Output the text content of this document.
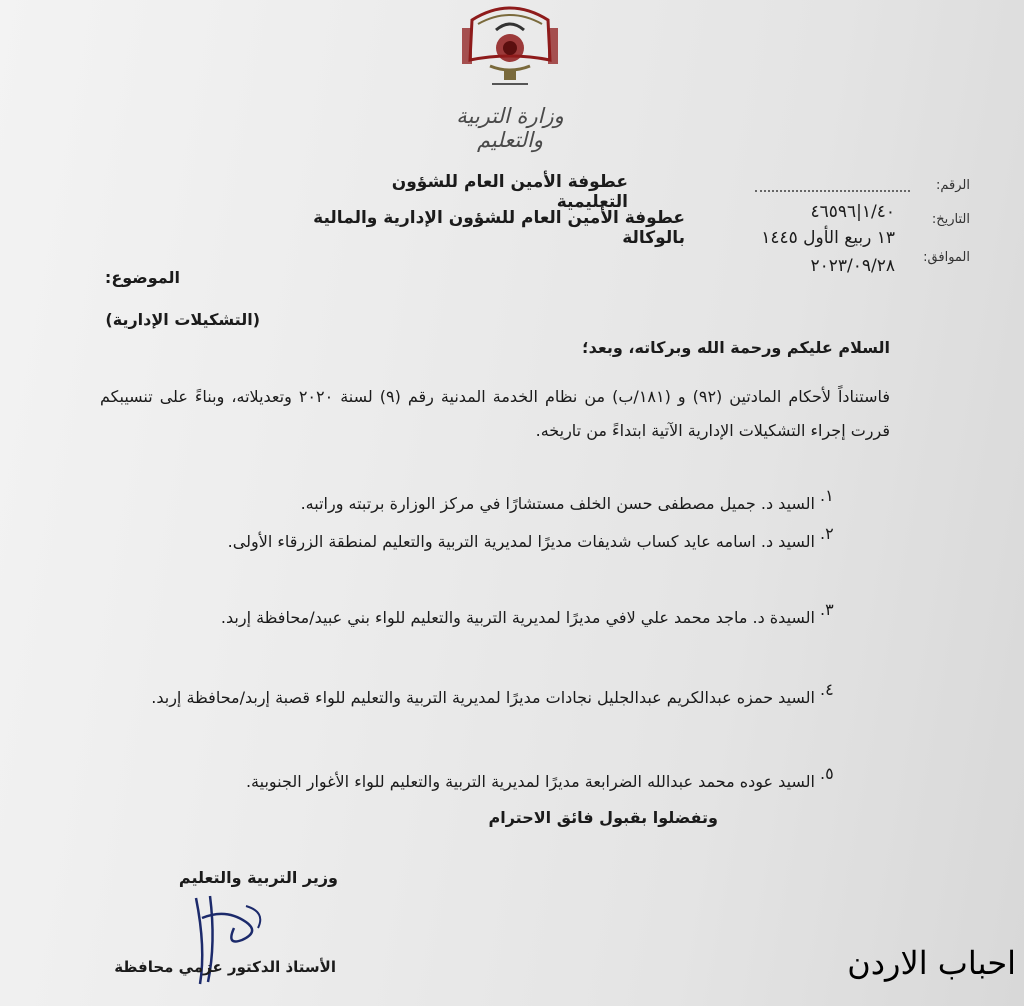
وزارة التربية والتعليم
عطوفة الأمين العام للشؤون التعليمية
عطوفة الأمين العام للشؤون الإدارية والمالية بالوكالة
الرقم:
١/٤٠|٤٦٥٩٦	التاريخ:
١٣ ربيع الأول ١٤٤٥
الموافق:
٢٠٢٣/٠٩/٢٨
الموضوع:
(التشكيلات الإدارية)
السلام عليكم ورحمة الله وبركاته، وبعد؛
فاستناداً لأحكام المادتين (٩٢) و (١٨١/ب) من نظام الخدمة المدنية رقم (٩) لسنة ٢٠٢٠ وتعديلاته، وبناءً على تنسيبكم قررت إجراء التشكيلات الإدارية الآتية ابتداءً من تاريخه.
.١
السيد د. جميل مصطفى حسن الخلف مستشارًا في مركز الوزارة برتبته وراتبه.
.٢
السيد د. اسامه عايد كساب شديفات مديرًا لمديرية التربية والتعليم لمنطقة الزرقاء الأولى.
.٣
السيدة د. ماجد محمد علي لافي مديرًا لمديرية التربية والتعليم للواء بني عبيد/محافظة إربد.
.٤
السيد حمزه عبدالكريم عبدالجليل نجادات مديرًا لمديرية التربية والتعليم للواء قصبة إربد/محافظة إربد.
.٥
السيد عوده محمد عبدالله الضرابعة مديرًا لمديرية التربية والتعليم للواء الأغوار الجنوبية.
وتفضلوا بقبول فائق الاحترام
وزير التربية والتعليم
الأستاذ الدكتور عزمي محافظة	احباب الاردن
